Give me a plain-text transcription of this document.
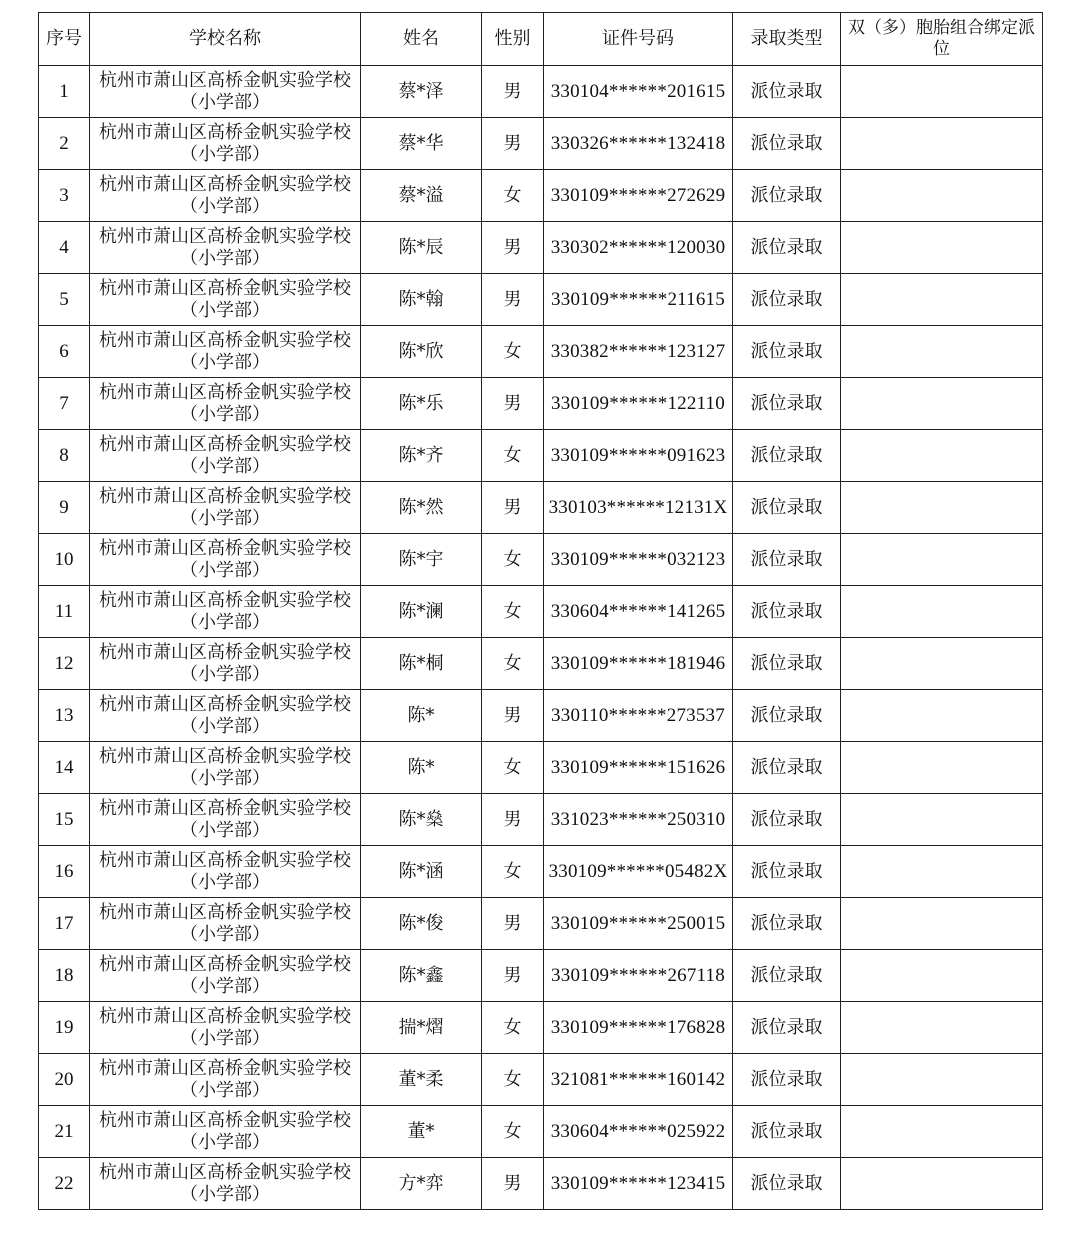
序号	学校名称	姓名	性别	证件号码	录取类型	双（多）胞胎组合绑定派位
1	杭州市萧山区高桥金帆实验学校（小学部）	蔡*泽	男	330104******201615	派位录取	
2	杭州市萧山区高桥金帆实验学校（小学部）	蔡*华	男	330326******132418	派位录取	
3	杭州市萧山区高桥金帆实验学校（小学部）	蔡*溢	女	330109******272629	派位录取	
4	杭州市萧山区高桥金帆实验学校（小学部）	陈*辰	男	330302******120030	派位录取	
5	杭州市萧山区高桥金帆实验学校（小学部）	陈*翰	男	330109******211615	派位录取	
6	杭州市萧山区高桥金帆实验学校（小学部）	陈*欣	女	330382******123127	派位录取	
7	杭州市萧山区高桥金帆实验学校（小学部）	陈*乐	男	330109******122110	派位录取	
8	杭州市萧山区高桥金帆实验学校（小学部）	陈*齐	女	330109******091623	派位录取	
9	杭州市萧山区高桥金帆实验学校（小学部）	陈*然	男	330103******12131X	派位录取	
10	杭州市萧山区高桥金帆实验学校（小学部）	陈*宇	女	330109******032123	派位录取	
11	杭州市萧山区高桥金帆实验学校（小学部）	陈*澜	女	330604******141265	派位录取	
12	杭州市萧山区高桥金帆实验学校（小学部）	陈*桐	女	330109******181946	派位录取	
13	杭州市萧山区高桥金帆实验学校（小学部）	陈*	男	330110******273537	派位录取	
14	杭州市萧山区高桥金帆实验学校（小学部）	陈*	女	330109******151626	派位录取	
15	杭州市萧山区高桥金帆实验学校（小学部）	陈*燊	男	331023******250310	派位录取	
16	杭州市萧山区高桥金帆实验学校（小学部）	陈*涵	女	330109******05482X	派位录取	
17	杭州市萧山区高桥金帆实验学校（小学部）	陈*俊	男	330109******250015	派位录取	
18	杭州市萧山区高桥金帆实验学校（小学部）	陈*鑫	男	330109******267118	派位录取	
19	杭州市萧山区高桥金帆实验学校（小学部）	揣*熠	女	330109******176828	派位录取	
20	杭州市萧山区高桥金帆实验学校（小学部）	董*柔	女	321081******160142	派位录取	
21	杭州市萧山区高桥金帆实验学校（小学部）	董*	女	330604******025922	派位录取	
22	杭州市萧山区高桥金帆实验学校（小学部）	方*弈	男	330109******123415	派位录取	
